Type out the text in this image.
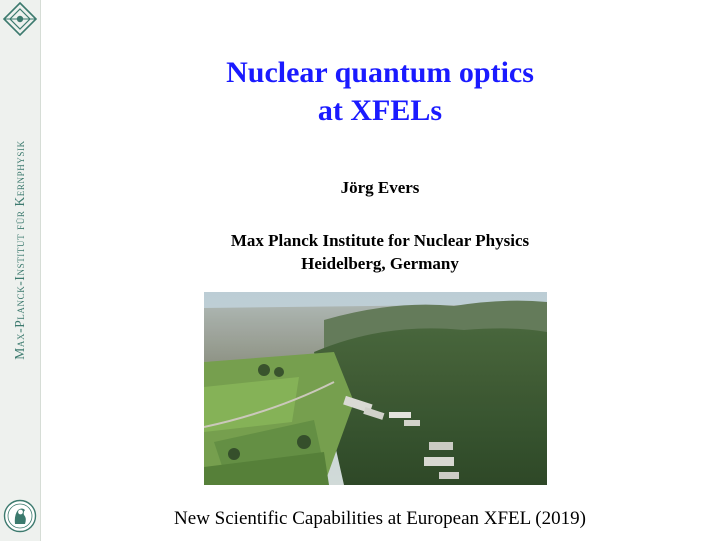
Max-Planck-Institut für Kernphysik
Nuclear quantum optics
at XFELs
Jörg Evers
Max Planck Institute for Nuclear Physics
Heidelberg, Germany
New Scientific Capabilities at European XFEL (2019)
